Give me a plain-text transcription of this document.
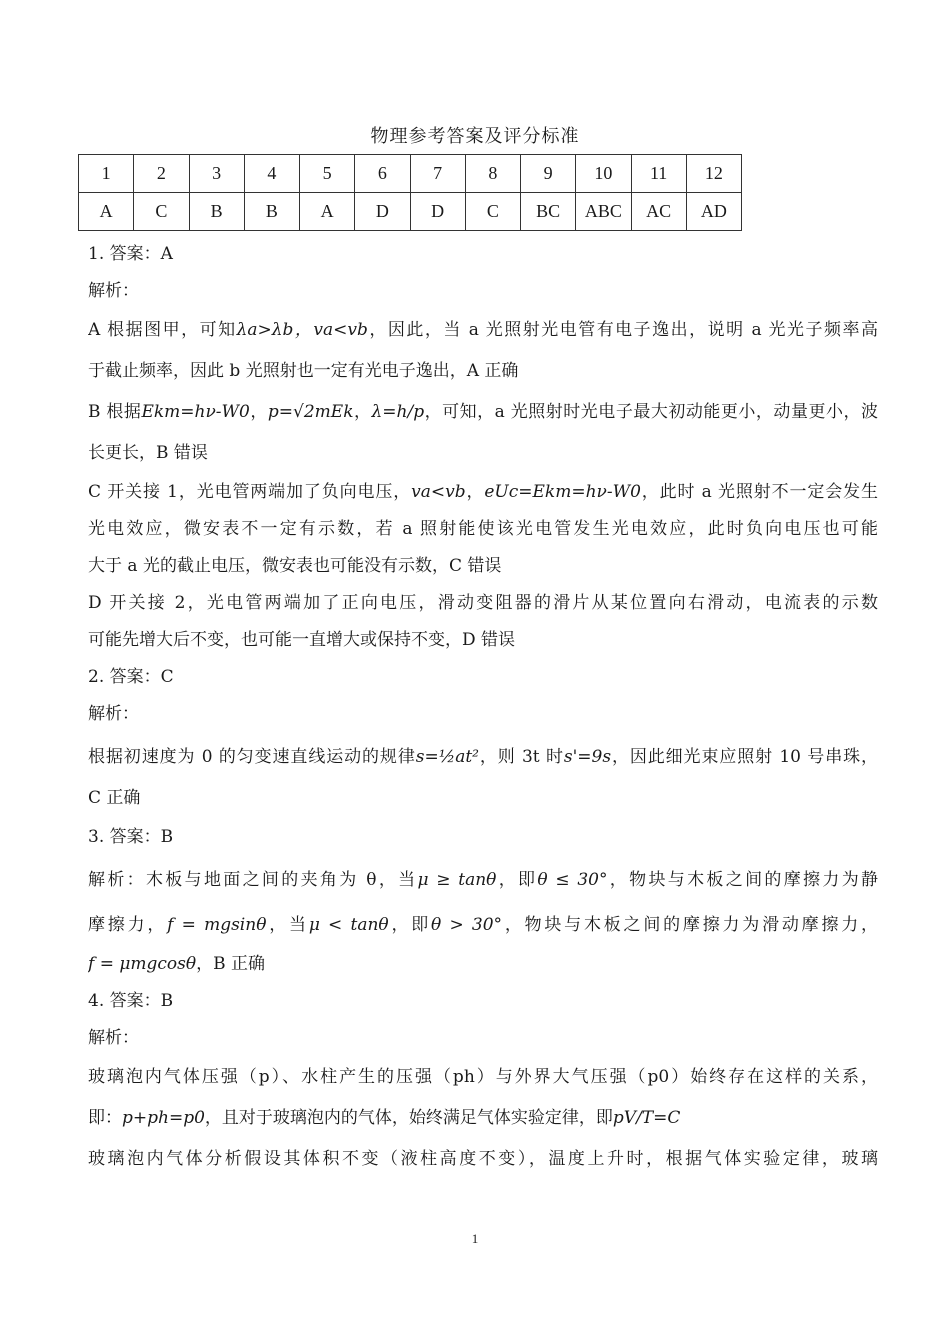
物理参考答案及评分标准
1	2	3	4	5	6	7	8	9	10	11	12
A	C	B	B	A	D	D	C	BC	ABC	AC	AD
1. 答案：A
解析：
A 根据图甲，可知λa>λb，va<vb，因此，当 a 光照射光电管有电子逸出，说明 a 光光子频率高
于截止频率，因此 b 光照射也一定有光电子逸出，A 正确
B 根据Ekm=hν-W0，p=√2mEk，λ=h/p，可知，a 光照射时光电子最大初动能更小，动量更小，波
长更长，B 错误
C 开关接 1，光电管两端加了负向电压，va<vb，eUc=Ekm=hν-W0，此时 a 光照射不一定会发生
光电效应，微安表不一定有示数，若 a 照射能使该光电管发生光电效应，此时负向电压也可能
大于 a 光的截止电压，微安表也可能没有示数，C 错误
D 开关接 2，光电管两端加了正向电压，滑动变阻器的滑片从某位置向右滑动，电流表的示数
可能先增大后不变，也可能一直增大或保持不变，D 错误
2. 答案：C
解析：
根据初速度为 0 的匀变速直线运动的规律s=½at²，则 3t 时s'=9s，因此细光束应照射 10 号串珠，
C 正确
3. 答案：B
解析：木板与地面之间的夹角为 θ，当μ ≥ tanθ，即θ ≤ 30°，物块与木板之间的摩擦力为静
摩擦力，f = mgsinθ，当μ < tanθ，即θ > 30°，物块与木板之间的摩擦力为滑动摩擦力，
f = μmgcosθ，B 正确
4. 答案：B
解析：
玻璃泡内气体压强（p）、水柱产生的压强（ph）与外界大气压强（p0）始终存在这样的关系，
即：p+ph=p0，且对于玻璃泡内的气体，始终满足气体实验定律，即pV/T=C
玻璃泡内气体分析假设其体积不变（液柱高度不变），温度上升时，根据气体实验定律，玻璃
1
